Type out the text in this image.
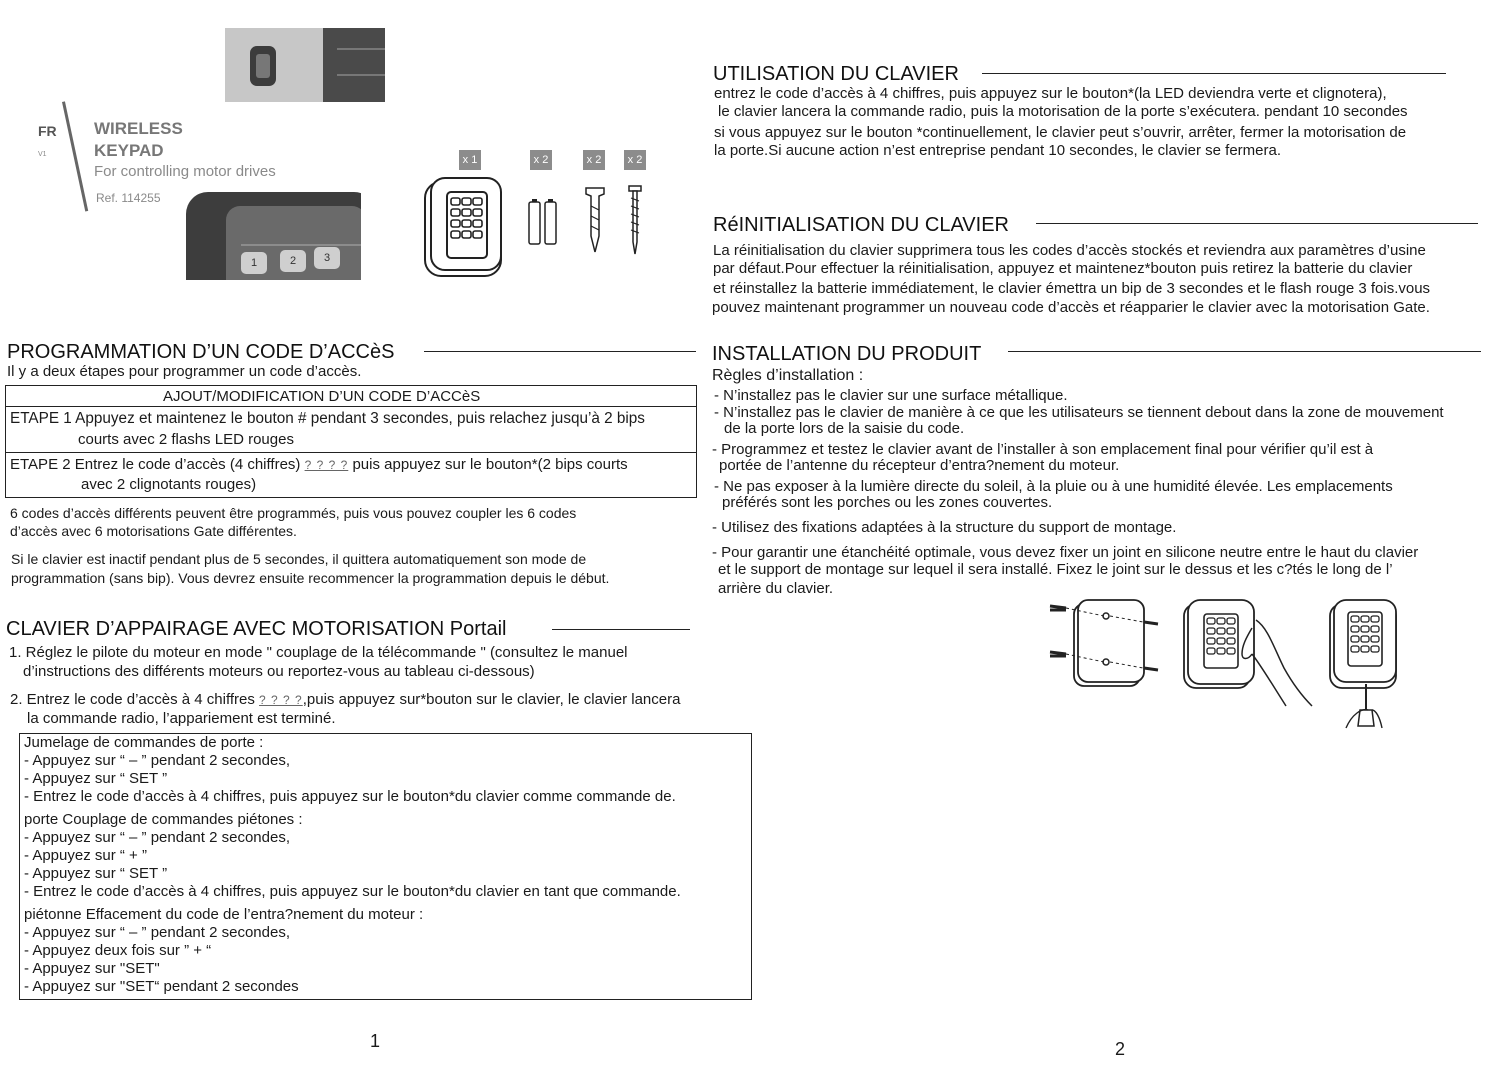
FR
V1
WIRELESS
KEYPAD
For controlling motor drives
Ref. 114255
1	2	3
x 1	x 2	x 2	x 2
PROGRAMMATION D’UN CODE D’ACCèS
Il y a deux étapes pour programmer un code d’accès.
AJOUT/MODIFICATION D’UN CODE D’ACCèS
ETAPE 1 Appuyez et maintenez le bouton # pendant 3 secondes, puis relachez jusqu’à 2 bips
courts avec 2 flashs LED rouges
ETAPE 2 Entrez le code d’accès (4 chiffres) ? ? ? ? puis appuyez sur le bouton*(2 bips courts
avec 2 clignotants rouges)
6 codes d’accès différents peuvent être programmés, puis vous pouvez coupler les 6 codes
d’accès avec 6 motorisations Gate différentes.
Si le clavier est inactif pendant plus de 5 secondes, il quittera automatiquement son mode de
programmation (sans bip). Vous devrez ensuite recommencer la programmation depuis le début.
CLAVIER D’APPAIRAGE AVEC MOTORISATION Portail
1. Réglez le pilote du moteur en mode " couplage de la télécommande " (consultez le manuel
d’instructions des différents moteurs ou reportez-vous au tableau ci-dessous)
2. Entrez le code d’accès à 4 chiffres ? ? ? ?,puis appuyez sur*bouton sur le clavier, le clavier lancera
la commande radio, l’appariement est terminé.
Jumelage de commandes de porte :
- Appuyez sur “ – ” pendant 2 secondes,
- Appuyez sur “ SET ”
- Entrez le code d’accès à 4 chiffres, puis appuyez sur le bouton*du clavier comme commande de.
porte Couplage de commandes piétones :
- Appuyez sur “ – ” pendant 2 secondes,
- Appuyez sur “ + ”
- Appuyez sur “ SET ”
- Entrez le code d’accès à 4 chiffres, puis appuyez sur le bouton*du clavier en tant que commande.
piétonne Effacement du code de l’entra?nement du moteur :
- Appuyez sur “ – ” pendant 2 secondes,
- Appuyez deux fois sur ” + “
- Appuyez sur "SET"
- Appuyez sur "SET“ pendant 2 secondes
1
UTILISATION DU CLAVIER
entrez le code d’accès à 4 chiffres, puis appuyez sur le bouton*(la LED deviendra verte et clignotera),
le clavier lancera la commande radio, puis la motorisation de la porte s’exécutera. pendant 10 secondes
si vous appuyez sur le bouton *continuellement, le clavier peut s’ouvrir, arrêter, fermer la motorisation de
la porte.Si aucune action n’est entreprise pendant 10 secondes, le clavier se fermera.
RéINITIALISATION DU CLAVIER
La réinitialisation du clavier supprimera tous les codes d’accès stockés et reviendra aux paramètres d’usine
par défaut.Pour effectuer la réinitialisation, appuyez et maintenez*bouton puis retirez la batterie du clavier
et réinstallez la batterie immédiatement, le clavier émettra un bip de 3 secondes et le flash rouge 3 fois.vous
pouvez maintenant programmer un nouveau code d’accès et réapparier le clavier avec la motorisation Gate.
INSTALLATION DU PRODUIT
Règles d’installation :
- N’installez pas le clavier sur une surface métallique.
- N’installez pas le clavier de manière à ce que les utilisateurs se tiennent debout dans la zone de mouvement
de la porte lors de la saisie du code.
- Programmez et testez le clavier avant de l’installer à son emplacement final pour vérifier qu’il est à
portée de l’antenne du récepteur d’entra?nement du moteur.
- Ne pas exposer à la lumière directe du soleil, à la pluie ou à une humidité élevée. Les emplacements
préférés sont les porches ou les zones couvertes.
- Utilisez des fixations adaptées à la structure du support de montage.
- Pour garantir une étanchéité optimale, vous devez fixer un joint en silicone neutre entre le haut du clavier
et le support de montage sur lequel il sera installé. Fixez le joint sur le dessus et les c?tés le long de l’
arrière du clavier.
2
